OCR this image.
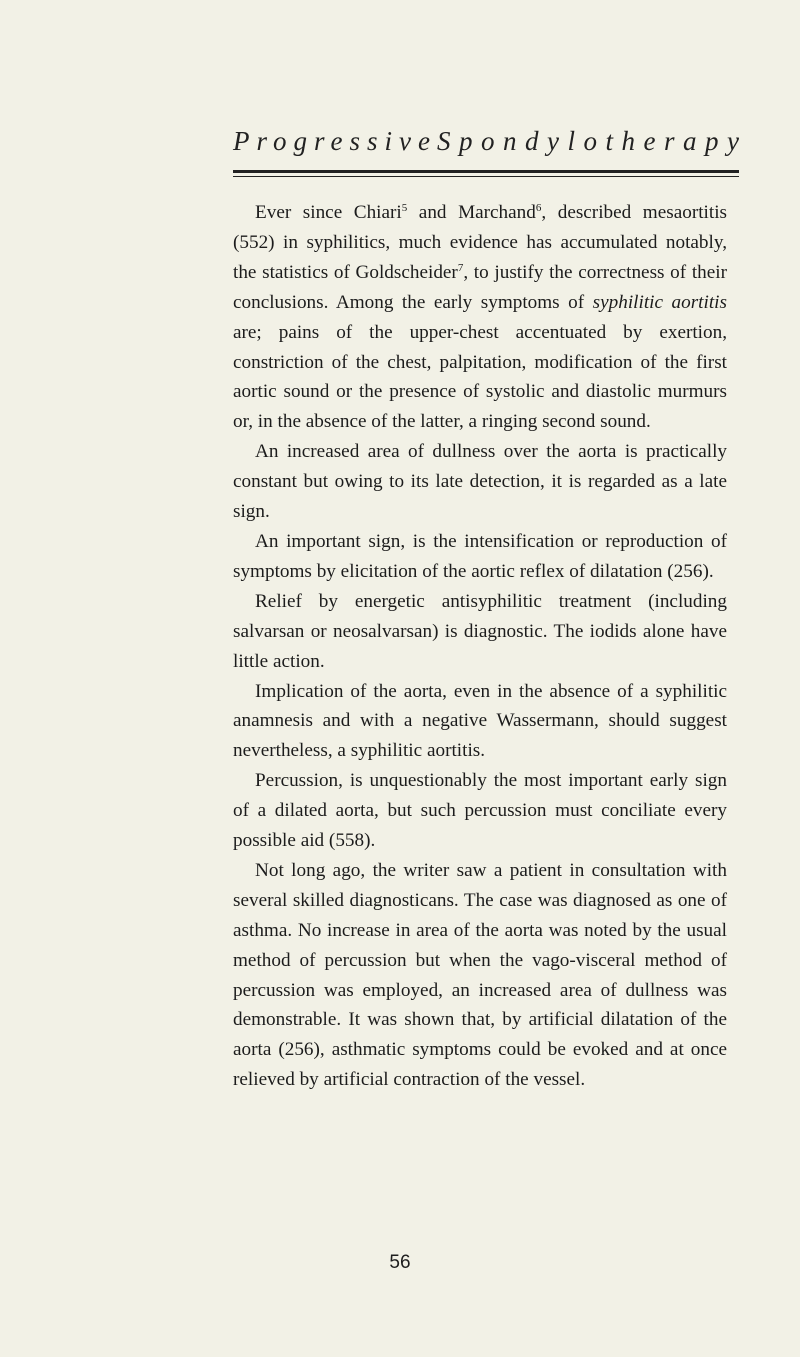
Progressive Spondylotherapy

Ever since Chiari$^5$ and Marchand$^6$, described mesaortitis (552) in syphilitics, much evidence has accumulated notably, the statistics of Goldscheider$^7$, to justify the correctness of their conclusions. Among the early symptoms of syphilitic aortitis are; pains of the upper-chest accentuated by exertion, constriction of the chest, palpitation, modification of the first aortic sound or the presence of systolic and diastolic murmurs or, in the absence of the latter, a ringing second sound.

An increased area of dullness over the aorta is practically constant but owing to its late detection, it is regarded as a late sign.

An important sign, is the intensification or reproduction of symptoms by elicitation of the aortic reflex of dilatation (256).

Relief by energetic antisyphilitic treatment (including salvarsan or neosalvarsan) is diagnostic. The iodids alone have little action.

Implication of the aorta, even in the absence of a syphilitic anamnesis and with a negative Wassermann, should suggest nevertheless, a syphilitic aortitis.

Percussion, is unquestionably the most important early sign of a dilated aorta, but such percussion must conciliate every possible aid (558).

Not long ago, the writer saw a patient in consultation with several skilled diagnosticans. The case was diagnosed as one of asthma. No increase in area of the aorta was noted by the usual method of percussion but when the vago-visceral method of percussion was employed, an increased area of dullness was demonstrable. It was shown that, by artificial dilatation of the aorta (256), asthmatic symptoms could be evoked and at once relieved by artificial contraction of the vessel.

56
